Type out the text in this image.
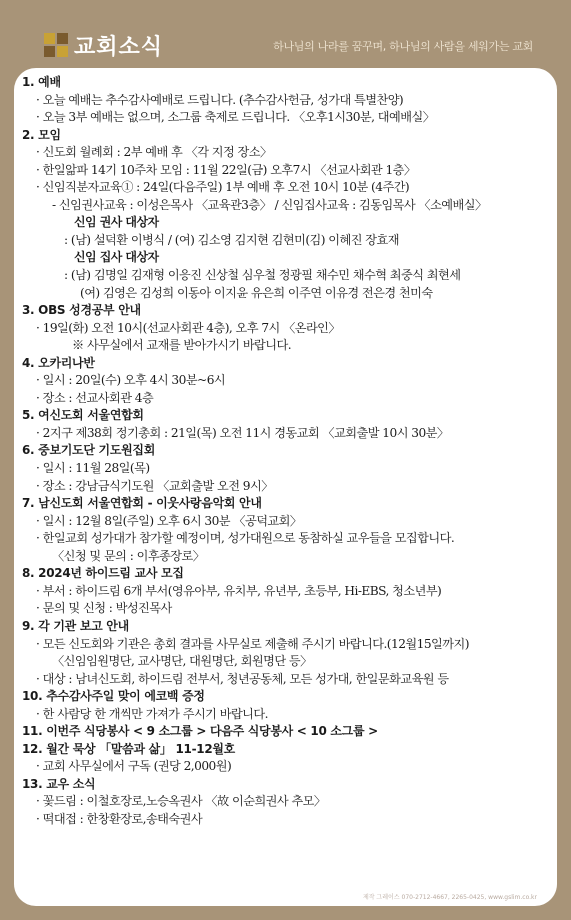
교회소식	하나님의 나라를 꿈꾸며, 하나님의 사람을 세워가는 교회
1. 예배
· 오늘 예배는 추수감사예배로 드립니다. (추수감사헌금, 성가대 특별찬양)
· 오늘 3부 예배는 없으며, 소그룹 축제로 드립니다. 〈오후1시30분, 대예배실〉
2. 모임
· 신도회 월례회 : 2부 예배 후 〈각 지정 장소〉
· 한일앎파 14기 10주차 모임 : 11월 22일(금) 오후7시 〈선교사회관 1층〉
· 신임직분자교육① : 24일(다음주일) 1부 예배 후 오전 10시 10분 (4주간)
- 신임권사교육 : 이성은목사 〈교육관3층〉 / 신임집사교육 : 김동임목사 〈소예배실〉
신임 권사 대상자
: (남) 설덕환 이병식 / (여) 김소영 김지현 김현미(김) 이혜진 장효재
신임 집사 대상자
: (남) 김명일 김재형 이응진 신상철 심우철 정광필 채수민 채수혁 최중식 최현세
(여) 김영은 김성희 이동아 이지윤 유은희 이주연 이유경 전은경 천미숙
3. OBS 성경공부 안내
· 19일(화) 오전 10시(선교사회관 4층), 오후 7시 〈온라인〉
※ 사무실에서 교재를 받아가시기 바랍니다.
4. 오카리나반
· 일시 : 20일(수) 오후 4시 30분~6시
· 장소 : 선교사회관 4층
5. 여신도회 서울연합회
· 2지구 제38회 정기총회 : 21일(목) 오전 11시 경동교회 〈교회출발 10시 30분〉
6. 중보기도단 기도원집회
· 일시 : 11월 28일(목)
· 장소 : 강남금식기도원 〈교회출발 오전 9시〉
7. 남신도회 서울연합회 - 이웃사랑음악회 안내
· 일시 : 12월 8일(주일) 오후 6시 30분 〈공덕교회〉
· 한일교회 성가대가 참가할 예정이며, 성가대원으로 동참하실 교우들을 모집합니다.
〈신청 및 문의 : 이후종장로〉
8. 2024년 하이드림 교사 모집
· 부서 : 하이드림 6개 부서(영유아부, 유치부, 유년부, 초등부, Hi-EBS, 청소년부)
· 문의 및 신청 : 박성진목사
9. 각 기관 보고 안내
· 모든 신도회와 기관은 총회 결과를 사무실로 제출해 주시기 바랍니다.(12월15일까지)
〈신임임원명단, 교사명단, 대원명단, 회원명단 등〉
· 대상 : 남녀신도회, 하이드림 전부서, 청년공동체, 모든 성가대, 한일문화교육원 등
10. 추수감사주일 맞이 에코백 증정
· 한 사람당 한 개씩만 가져가 주시기 바랍니다.
11. 이번주 식당봉사 < 9 소그룹 > 다음주 식당봉사 < 10 소그룹 >
12. 월간 묵상 「말씀과 삶」 11-12월호
· 교회 사무실에서 구독 (권당 2,000원)
13. 교우 소식
· 꽃드림 : 이철호장로,노승옥권사 〈故 이순희권사 추모〉
· 떡대접 : 한창환장로,송태숙권사
제작 그레이스 070-2712-4667, 2265-0425, www.gslim.co.kr
